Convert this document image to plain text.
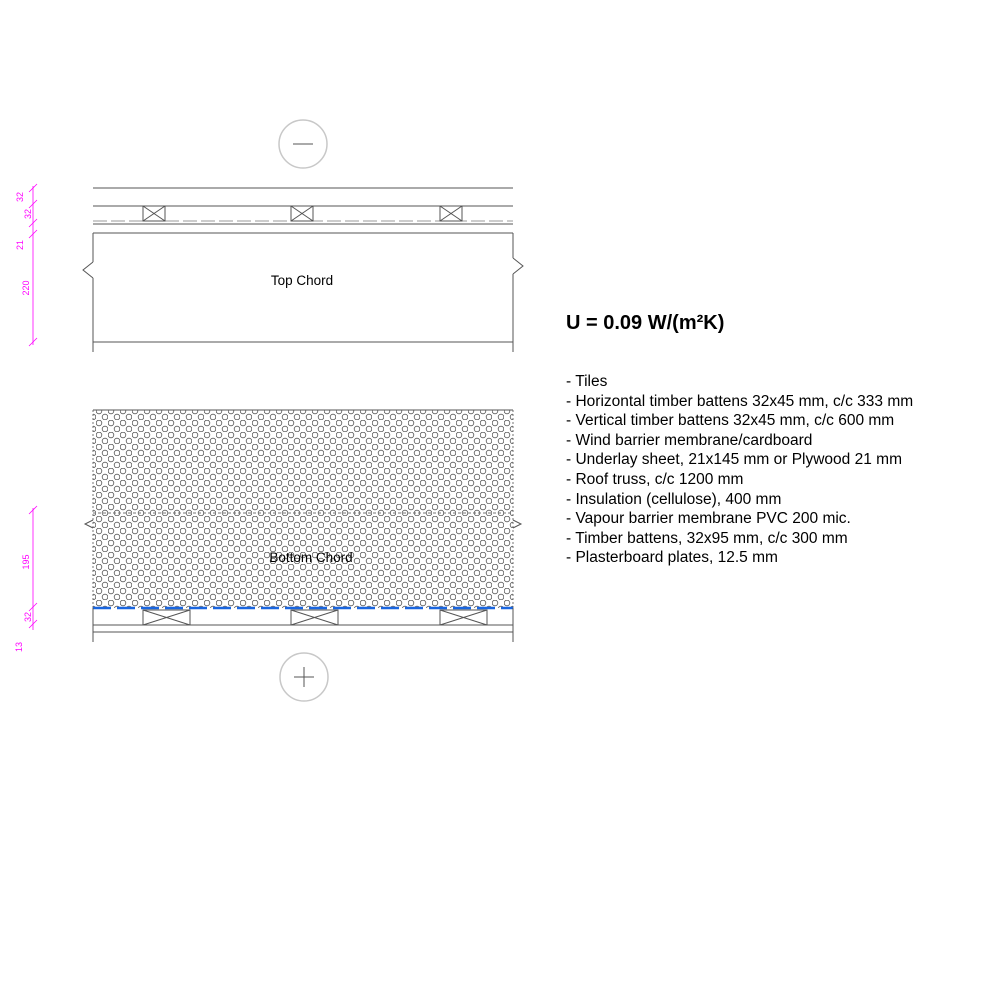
Top Chord
Bottom Chord
32
32
21
220
195
32
13
U = 0.09 W/(m²K)
- Tiles
- Horizontal timber battens 32x45 mm, c/c 333 mm
- Vertical timber battens 32x45 mm, c/c 600 mm
- Wind barrier membrane/cardboard
- Underlay sheet, 21x145 mm or Plywood 21 mm
- Roof truss, c/c 1200 mm
- Insulation (cellulose), 400 mm
- Vapour barrier membrane PVC 200 mic.
- Timber battens, 32x95 mm, c/c 300 mm
- Plasterboard plates, 12.5 mm
